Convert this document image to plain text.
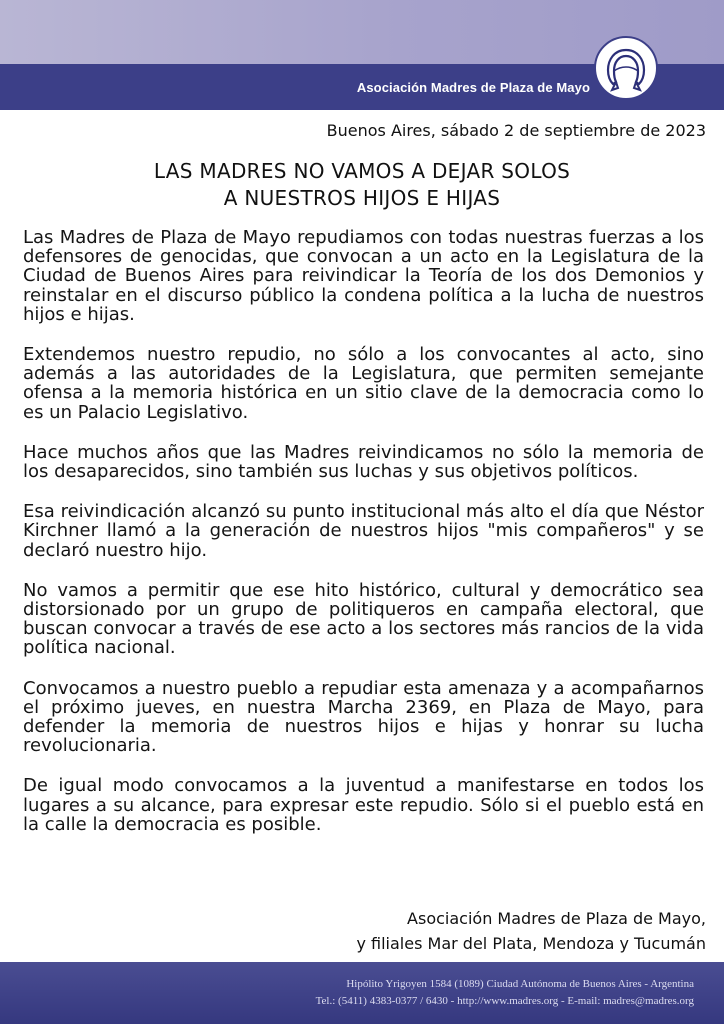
Asociación Madres de Plaza de Mayo
Buenos Aires, sábado 2 de septiembre de 2023
LAS MADRES NO VAMOS A DEJAR SOLOS
A NUESTROS HIJOS E HIJAS

Las Madres de Plaza de Mayo repudiamos con todas nuestras fuerzas a los defensores de genocidas, que convocan a un acto en la Legislatura de la Ciudad de Buenos Aires para reivindicar la Teoría de los dos Demonios y reinstalar en el discurso público la condena política a la lucha de nuestros hijos e hijas.

Extendemos nuestro repudio, no sólo a los convocantes al acto, sino además a las autoridades de la Legislatura, que permiten semejante ofensa a la memoria histórica en un sitio clave de la democracia como lo es un Palacio Legislativo.

Hace muchos años que las Madres reivindicamos no sólo la memoria de los desaparecidos, sino también sus luchas y sus objetivos políticos.

Esa reivindicación alcanzó su punto institucional más alto el día que Néstor Kirchner llamó a la generación de nuestros hijos "mis compañeros" y se declaró nuestro hijo.

No vamos a permitir que ese hito histórico, cultural y democrático sea distorsionado por un grupo de politiqueros en campaña electoral, que buscan convocar a través de ese acto a los sectores más rancios de la vida política nacional.

Convocamos a nuestro pueblo a repudiar esta amenaza y a acompañarnos el próximo jueves, en nuestra Marcha 2369, en Plaza de Mayo, para defender la memoria de nuestros hijos e hijas y honrar su lucha revolucionaria.

De igual modo convocamos a la juventud a manifestarse en todos los lugares a su alcance, para expresar este repudio. Sólo si el pueblo está en la calle la democracia es posible.

Asociación Madres de Plaza de Mayo,
y filiales Mar del Plata, Mendoza y Tucumán
Hipólito Yrigoyen 1584 (1089) Ciudad Autónoma de Buenos Aires - Argentina
Tel.: (5411) 4383-0377 / 6430 - http://www.madres.org - E-mail: madres@madres.org
